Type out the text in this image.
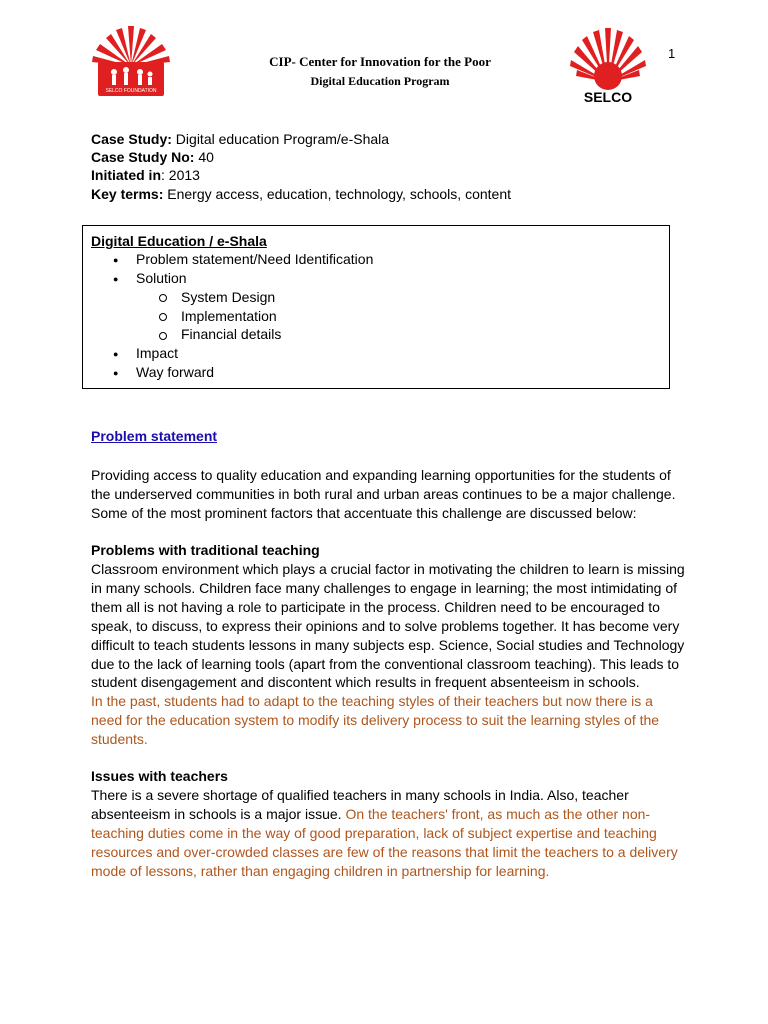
SELCO FOUNDATION	SELCO
1
CIP- Center for Innovation for the Poor
Digital Education Program
Case Study: Digital education Program/e-Shala
Case Study No: 40
Initiated in: 2013
Key terms: Energy access, education, technology, schools, content
Digital Education / e-Shala
● Problem statement/Need Identification
● Solution
System Design
Implementation
Financial details
● Impact
● Way forward
Problem statement

Providing access to quality education and expanding learning opportunities for the students of

the underserved communities in both rural and urban areas continues to be a major challenge.

Some of the most prominent factors that accentuate this challenge are discussed below:

Problems with traditional teaching

Classroom environment which plays a crucial factor in motivating the children to learn is missing

in many schools. Children face many challenges to engage in learning; the most intimidating of

them all is not having a role to participate in the process. Children need to be encouraged to

speak, to discuss, to express their opinions and to solve problems together. It has become very

difficult to teach students lessons in many subjects esp. Science, Social studies and Technology

due to the lack of learning tools (apart from the conventional classroom teaching). This leads to

student disengagement and discontent which results in frequent absenteeism in schools.

In the past, students had to adapt to the teaching styles of their teachers but now there is a

need for the education system to modify its delivery process to suit the learning styles of the

students.

Issues with teachers

There is a severe shortage of qualified teachers in many schools in India. Also, teacher

absenteeism in schools is a major issue. On the teachers' front, as much as the other non-

teaching duties come in the way of good preparation, lack of subject expertise and teaching

resources and over-crowded classes are few of the reasons that limit the teachers to a delivery

mode of lessons, rather than engaging children in partnership for learning.
